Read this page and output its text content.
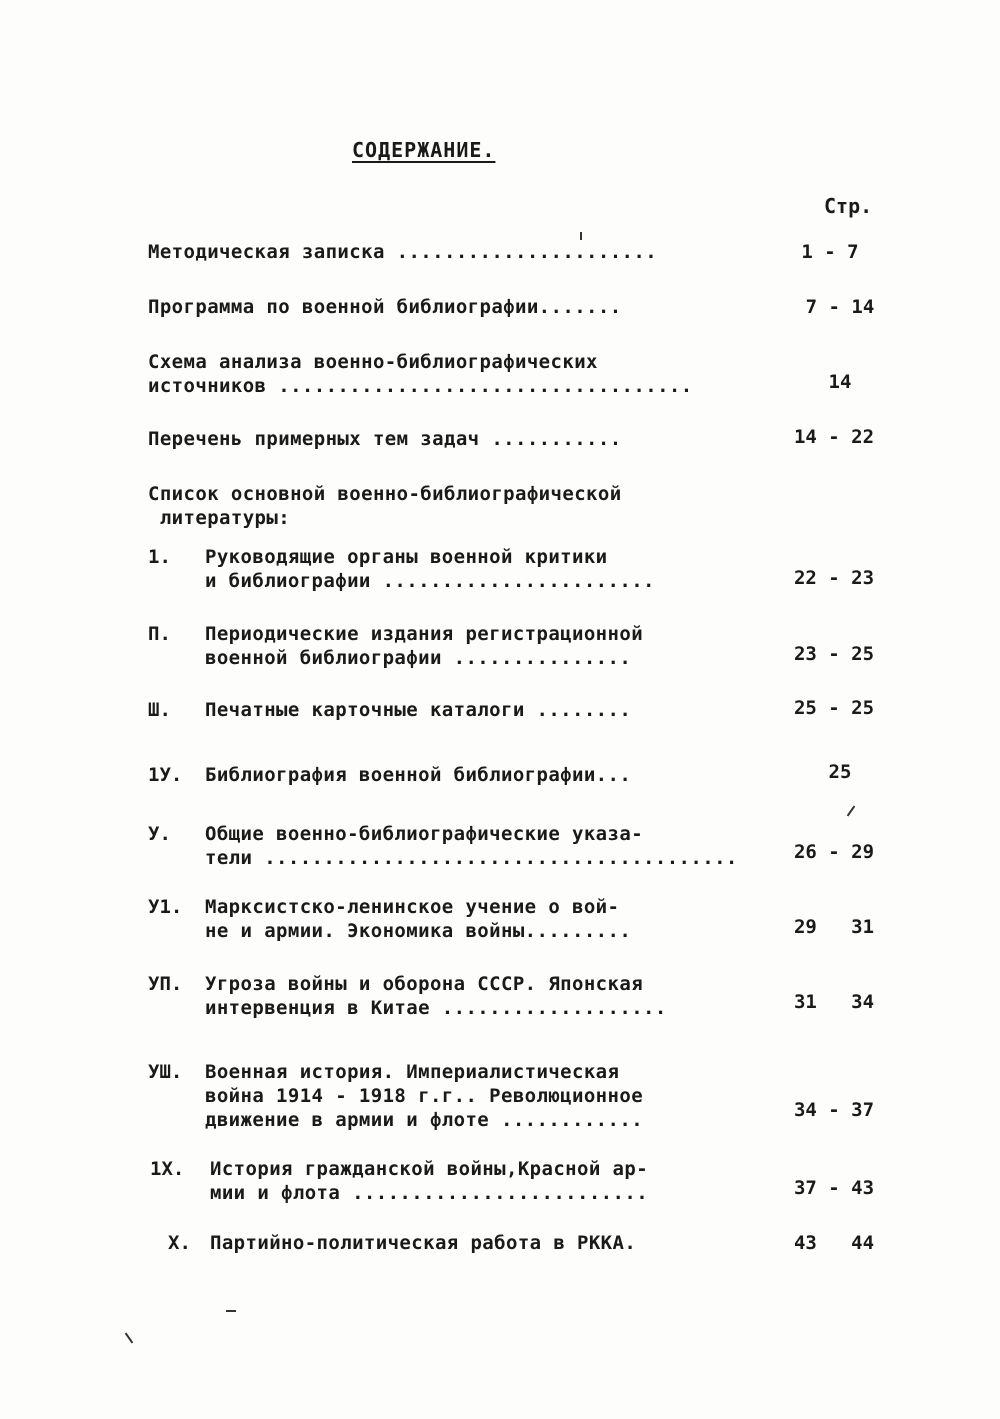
СОДЕРЖАНИЕ.
Стр.
Методическая записка ......................	1 - 7
Программа по военной библиографии.......	7 - 14
Схема анализа военно-библиографических
источников ...................................	14
Перечень примерных тем задач ...........	14 - 22
Список основной военно-библиографической
литературы:
1. Руководящие органы военной критики
и библиографии .......................	22 - 23
П. Периодические издания регистрационной
военной библиографии ...............	23 - 25
Ш. Печатные карточные каталоги ........	25 - 25
1У. Библиография военной библиографии...	25
У. Общие военно-библиографические указа-
тели ........................................	26 - 29
У1. Марксистско-ленинское учение о вой-
не и армии. Экономика войны.........	29   31
УП. Угроза войны и оборона СССР. Японская
интервенция в Китае ...................	31   34
УШ. Военная история. Империалистическая
война 1914 - 1918 г.г.. Революционное
движение в армии и флоте ............	34 - 37
1Х. История гражданской войны,Красной ар-
мии и флота .........................	37 - 43
Х. Партийно-политическая работа в РККА.	43   44
